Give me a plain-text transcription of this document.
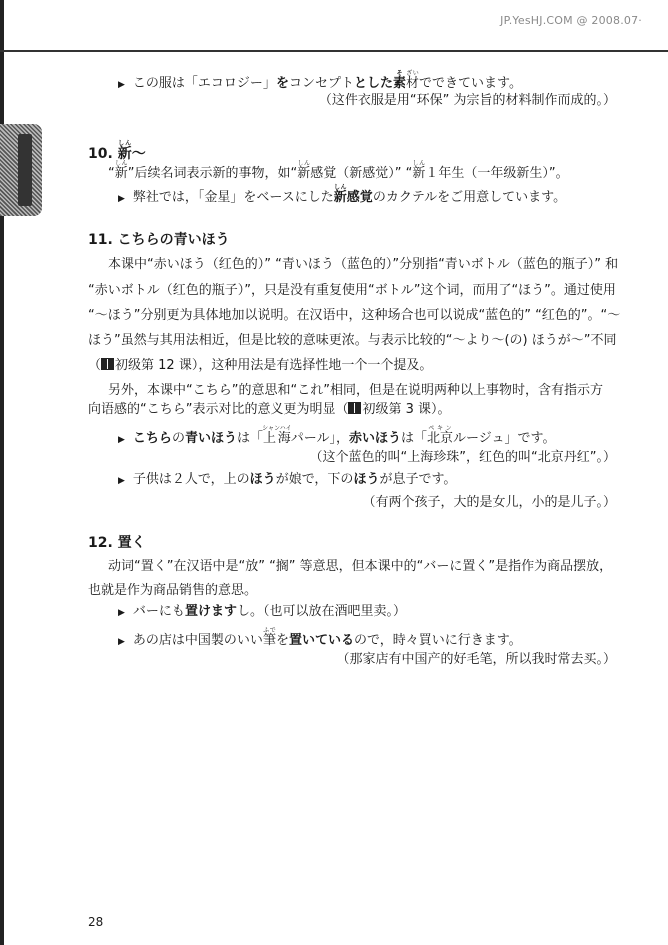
JP.YesHJ.COM @ 2008.07·
▶ この服は「エコロジー」をコンセプトとした素そ材ざいでできています。
（这件衣服是用“环保” 为宗旨的材料制作而成的。）
10. 新しん～
“新しん”后续名词表示新的事物，如“新しん感覚（新感觉）” “新しん１年生（一年级新生）”。
▶ 弊社では，「金星」をベースにした新しん感覚のカクテルをご用意しています。
11. こちらの青いほう
本课中“赤いほう（红色的）” “青いほう（蓝色的）”分别指“青いボトル（蓝色的瓶子）” 和
“赤いボトル（红色的瓶子）”，只是没有重复使用“ボトル”这个词，而用了“ほう”。通过使用
“～ほう”分别更为具体地加以说明。在汉语中，这种场合也可以说成“蓝色的” “红色的”。“～
ほう”虽然与其用法相近，但是比较的意味更浓。与表示比较的“～より～(の) ほうが～”不同
（ 初级第 12 课），这种用法是有选择性地一个一个提及。
另外，本课中“こちら”的意思和“これ”相同，但是在说明两种以上事物时，含有指示方
向语感的“こちら”表示对比的意义更为明显（ 初级第 3 课）。
▶ こちらの青いほうは「上海シャンハイパール」，赤いほうは「北京ペキンルージュ」です。
（这个蓝色的叫“上海珍珠”，红色的叫“北京丹红”。）
▶ 子供は２人で，上のほうが娘で，下のほうが息子です。
（有两个孩子，大的是女儿，小的是儿子。）
12. 置く
动词“置く”在汉语中是“放” “搁” 等意思，但本课中的“バーに置く”是指作为商品摆放，
也就是作为商品销售的意思。
▶ バーにも置けますし。（也可以放在酒吧里卖。）
▶ あの店は中国製のいい筆ふでを置いているので，時々買いに行きます。
（那家店有中国产的好毛笔，所以我时常去买。）
28
